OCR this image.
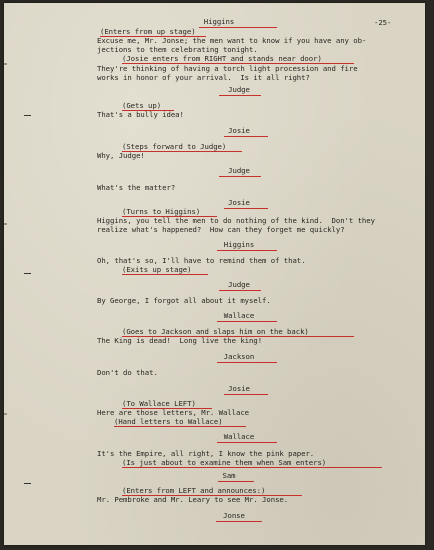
-25-
Higgins
(Enters from up stage)
Excuse me, Mr. Jonse; the men want to know if you have any ob-
jections to them celebrating tonight.
(Josie enters from RIGHT and stands near door)
They're thinking of having a torch light procession and fire
works in honor of your arrival.  Is it all right?
Judge
(Gets up)
That's a bully idea!
Josie
(Steps forward to Judge)
Why, Judge!
Judge
What's the matter?
Josie
(Turns to Higgins)
Higgins, you tell the men to do nothing of the kind.  Don't they
realize what's happened?  How can they forget me quickly?
Higgins
Oh, that's so, I'll have to remind them of that.
(Exits up stage)
Judge
By George, I forgot all about it myself.
Wallace
(Goes to Jackson and slaps him on the back)
The King is dead!  Long live the king!
Jackson
Don't do that.
Josie
(To Wallace LEFT)
Here are those letters, Mr. Wallace
(Hand letters to Wallace)
Wallace
It's the Empire, all right, I know the pink paper.
(Is just about to examine them when Sam enters)
Sam
(Enters from LEFT and announces:)
Mr. Pembroke and Mr. Leary to see Mr. Jonse.
Jonse
